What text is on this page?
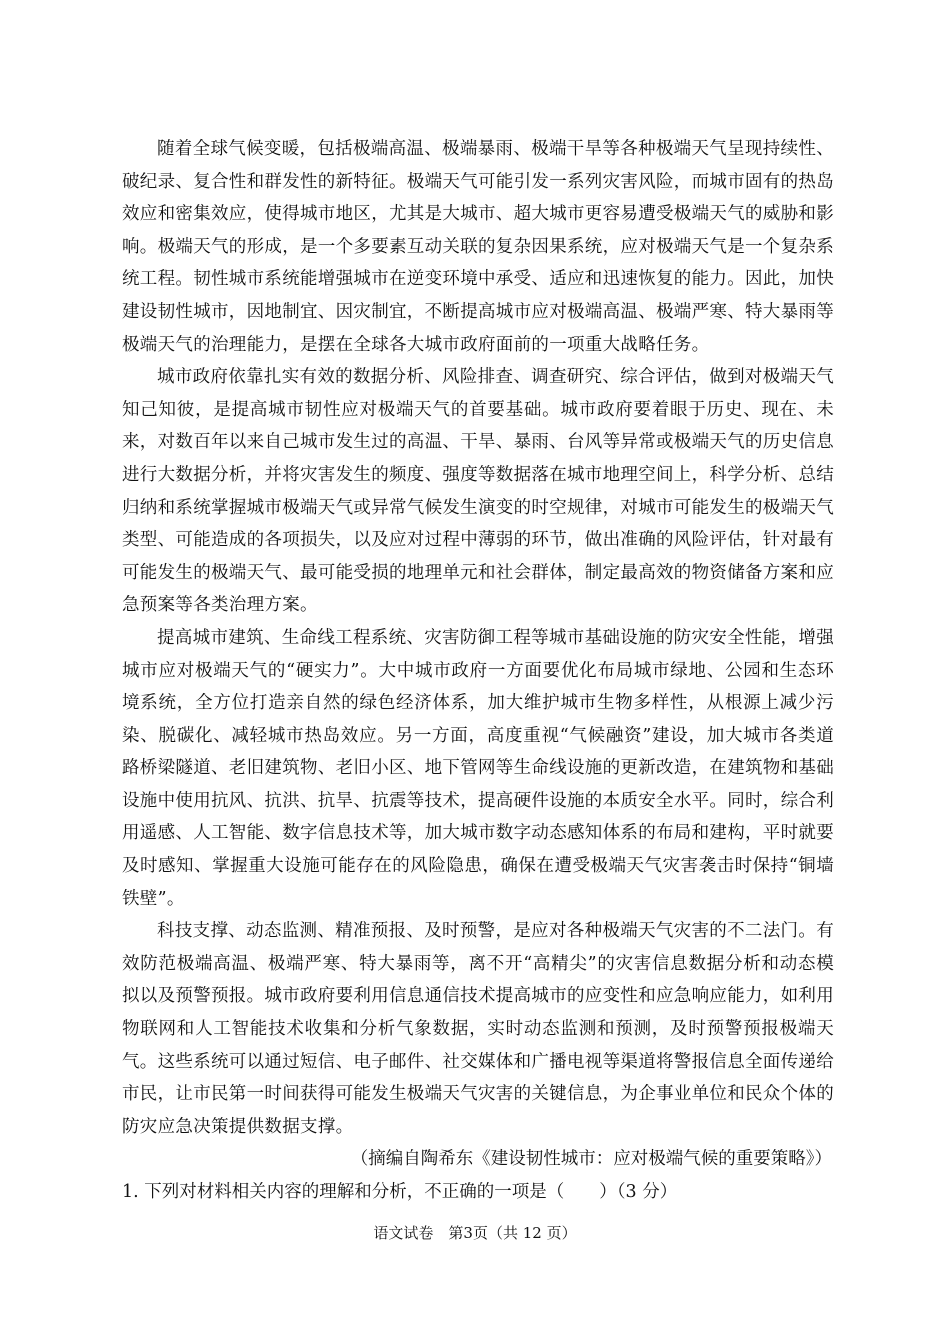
随着全球气候变暖，包括极端高温、极端暴雨、极端干旱等各种极端天气呈现持续性、破纪录、复合性和群发性的新特征。极端天气可能引发一系列灾害风险，而城市固有的热岛效应和密集效应，使得城市地区，尤其是大城市、超大城市更容易遭受极端天气的威胁和影响。极端天气的形成，是一个多要素互动关联的复杂因果系统，应对极端天气是一个复杂系统工程。韧性城市系统能增强城市在逆变环境中承受、适应和迅速恢复的能力。因此，加快建设韧性城市，因地制宜、因灾制宜，不断提高城市应对极端高温、极端严寒、特大暴雨等极端天气的治理能力，是摆在全球各大城市政府面前的一项重大战略任务。

城市政府依靠扎实有效的数据分析、风险排查、调查研究、综合评估，做到对极端天气知己知彼，是提高城市韧性应对极端天气的首要基础。城市政府要着眼于历史、现在、未来，对数百年以来自己城市发生过的高温、干旱、暴雨、台风等异常或极端天气的历史信息进行大数据分析，并将灾害发生的频度、强度等数据落在城市地理空间上，科学分析、总结归纳和系统掌握城市极端天气或异常气候发生演变的时空规律，对城市可能发生的极端天气类型、可能造成的各项损失，以及应对过程中薄弱的环节，做出准确的风险评估，针对最有可能发生的极端天气、最可能受损的地理单元和社会群体，制定最高效的物资储备方案和应急预案等各类治理方案。

提高城市建筑、生命线工程系统、灾害防御工程等城市基础设施的防灾安全性能，增强城市应对极端天气的“硬实力”。大中城市政府一方面要优化布局城市绿地、公园和生态环境系统，全方位打造亲自然的绿色经济体系，加大维护城市生物多样性，从根源上减少污染、脱碳化、减轻城市热岛效应。另一方面，高度重视“气候融资”建设，加大城市各类道路桥梁隧道、老旧建筑物、老旧小区、地下管网等生命线设施的更新改造，在建筑物和基础设施中使用抗风、抗洪、抗旱、抗震等技术，提高硬件设施的本质安全水平。同时，综合利用遥感、人工智能、数字信息技术等，加大城市数字动态感知体系的布局和建构，平时就要及时感知、掌握重大设施可能存在的风险隐患，确保在遭受极端天气灾害袭击时保持“铜墙铁壁”。

科技支撑、动态监测、精准预报、及时预警，是应对各种极端天气灾害的不二法门。有效防范极端高温、极端严寒、特大暴雨等，离不开“高精尖”的灾害信息数据分析和动态模拟以及预警预报。城市政府要利用信息通信技术提高城市的应变性和应急响应能力，如利用物联网和人工智能技术收集和分析气象数据，实时动态监测和预测，及时预警预报极端天气。这些系统可以通过短信、电子邮件、社交媒体和广播电视等渠道将警报信息全面传递给市民，让市民第一时间获得可能发生极端天气灾害的关键信息，为企事业单位和民众个体的防灾应急决策提供数据支撑。

（摘编自陶希东《建设韧性城市：应对极端气候的重要策略》）

1. 下列对材料相关内容的理解和分析，不正确的一项是（　　）（3 分）

语文试卷　第3页（共 12 页）
